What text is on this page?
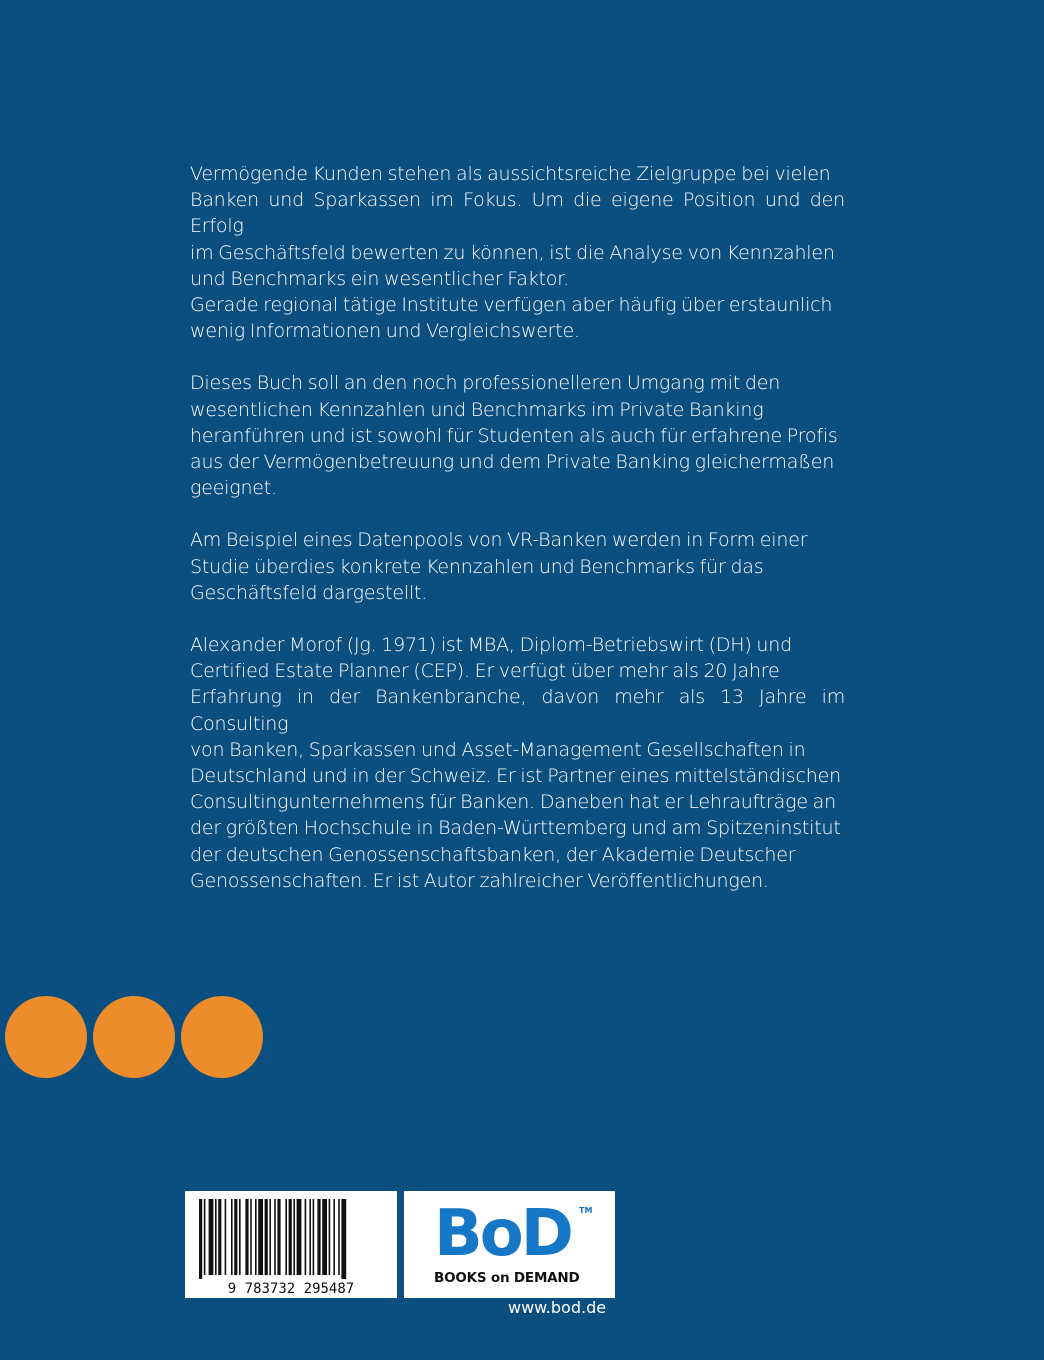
Vermögende Kunden stehen als aussichtsreiche Zielgruppe bei vielen
Banken und Sparkassen im Fokus. Um die eigene Position und den Erfolg
im Geschäftsfeld bewerten zu können, ist die Analyse von Kennzahlen
und Benchmarks ein wesentlicher Faktor.
Gerade regional tätige Institute verfügen aber häufig über erstaunlich
wenig Informationen und Vergleichswerte.

Dieses Buch soll an den noch professionelleren Umgang mit den
wesentlichen Kennzahlen und Benchmarks im Private Banking
heranführen und ist sowohl für Studenten als auch für erfahrene Profis
aus der Vermögenbetreuung und dem Private Banking gleichermaßen
geeignet.

Am Beispiel eines Datenpools von VR-Banken werden in Form einer
Studie überdies konkrete Kennzahlen und Benchmarks für das
Geschäftsfeld dargestellt.

Alexander Morof (Jg. 1971) ist MBA, Diplom-Betriebswirt (DH) und
Certified Estate Planner (CEP). Er verfügt über mehr als 20 Jahre
Erfahrung in der Bankenbranche, davon mehr als 13 Jahre im Consulting
von Banken, Sparkassen und Asset-Management Gesellschaften in
Deutschland und in der Schweiz. Er ist Partner eines mittelständischen
Consultingunternehmens für Banken. Daneben hat er Lehraufträge an
der größten Hochschule in Baden-Württemberg und am Spitzeninstitut
der deutschen Genossenschaftsbanken, der Akademie Deutscher
Genossenschaften. Er ist Autor zahlreicher Veröffentlichungen.

9 783732 295487
BoD TM
BOOKS on DEMAND
www.bod.de
